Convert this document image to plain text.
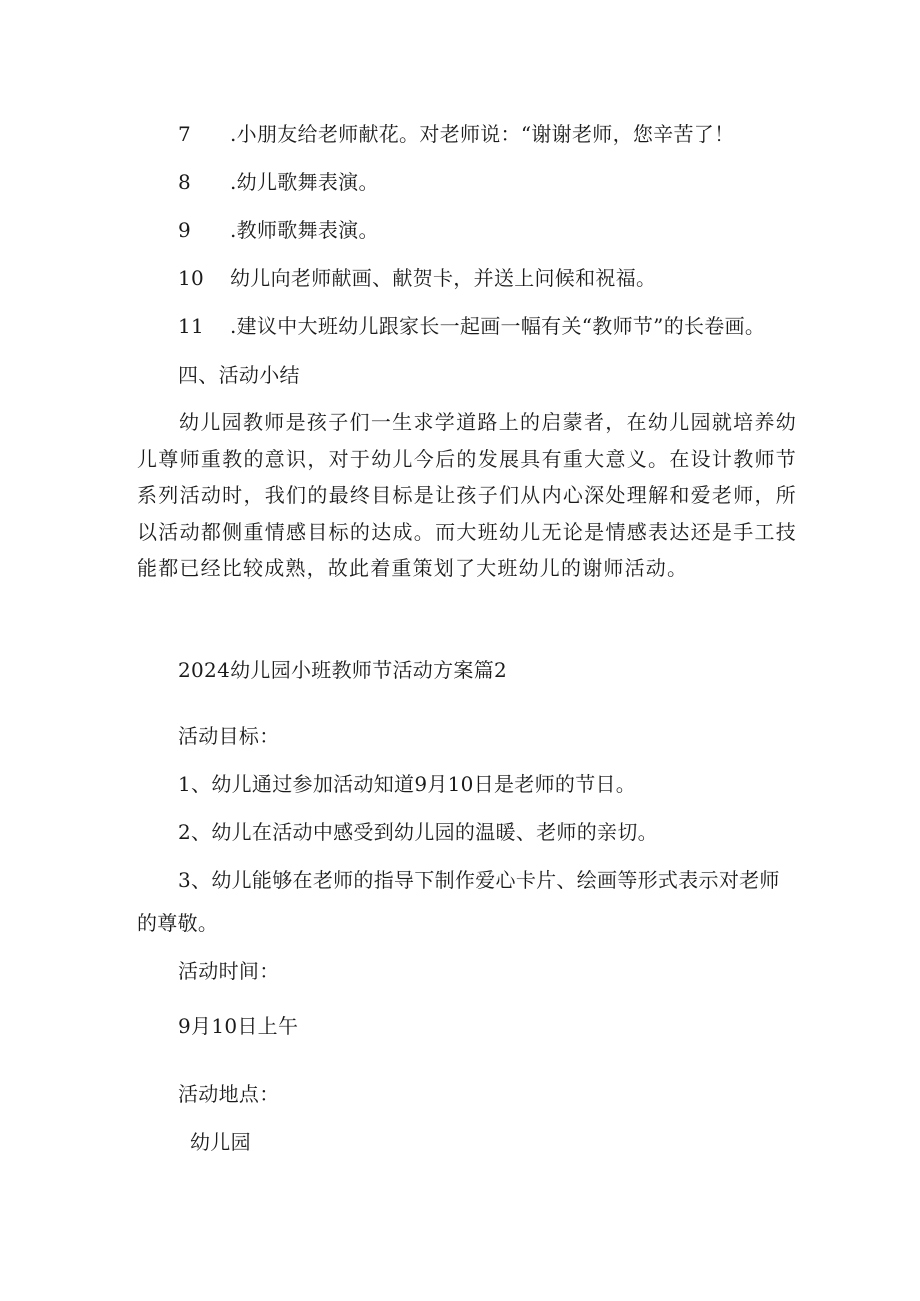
7 .小朋友给老师献花。对老师说：“谢谢老师，您辛苦了！
8 .幼儿歌舞表演。
9 .教师歌舞表演。
10 幼儿向老师献画、献贺卡，并送上问候和祝福。
11 .建议中大班幼儿跟家长一起画一幅有关“教师节”的长卷画。
四、活动小结
幼儿园教师是孩子们一生求学道路上的启蒙者，在幼儿园就培养幼儿尊师重教的意识，对于幼儿今后的发展具有重大意义。在设计教师节系列活动时，我们的最终目标是让孩子们从内心深处理解和爱老师，所以活动都侧重情感目标的达成。而大班幼儿无论是情感表达还是手工技能都已经比较成熟，故此着重策划了大班幼儿的谢师活动。
2024幼儿园小班教师节活动方案篇2
活动目标：
1、幼儿通过参加活动知道9月10日是老师的节日。
2、幼儿在活动中感受到幼儿园的温暖、老师的亲切。
3、幼儿能够在老师的指导下制作爱心卡片、绘画等形式表示对老师
的尊敬。
活动时间：
9月10日上午
活动地点：
幼儿园
